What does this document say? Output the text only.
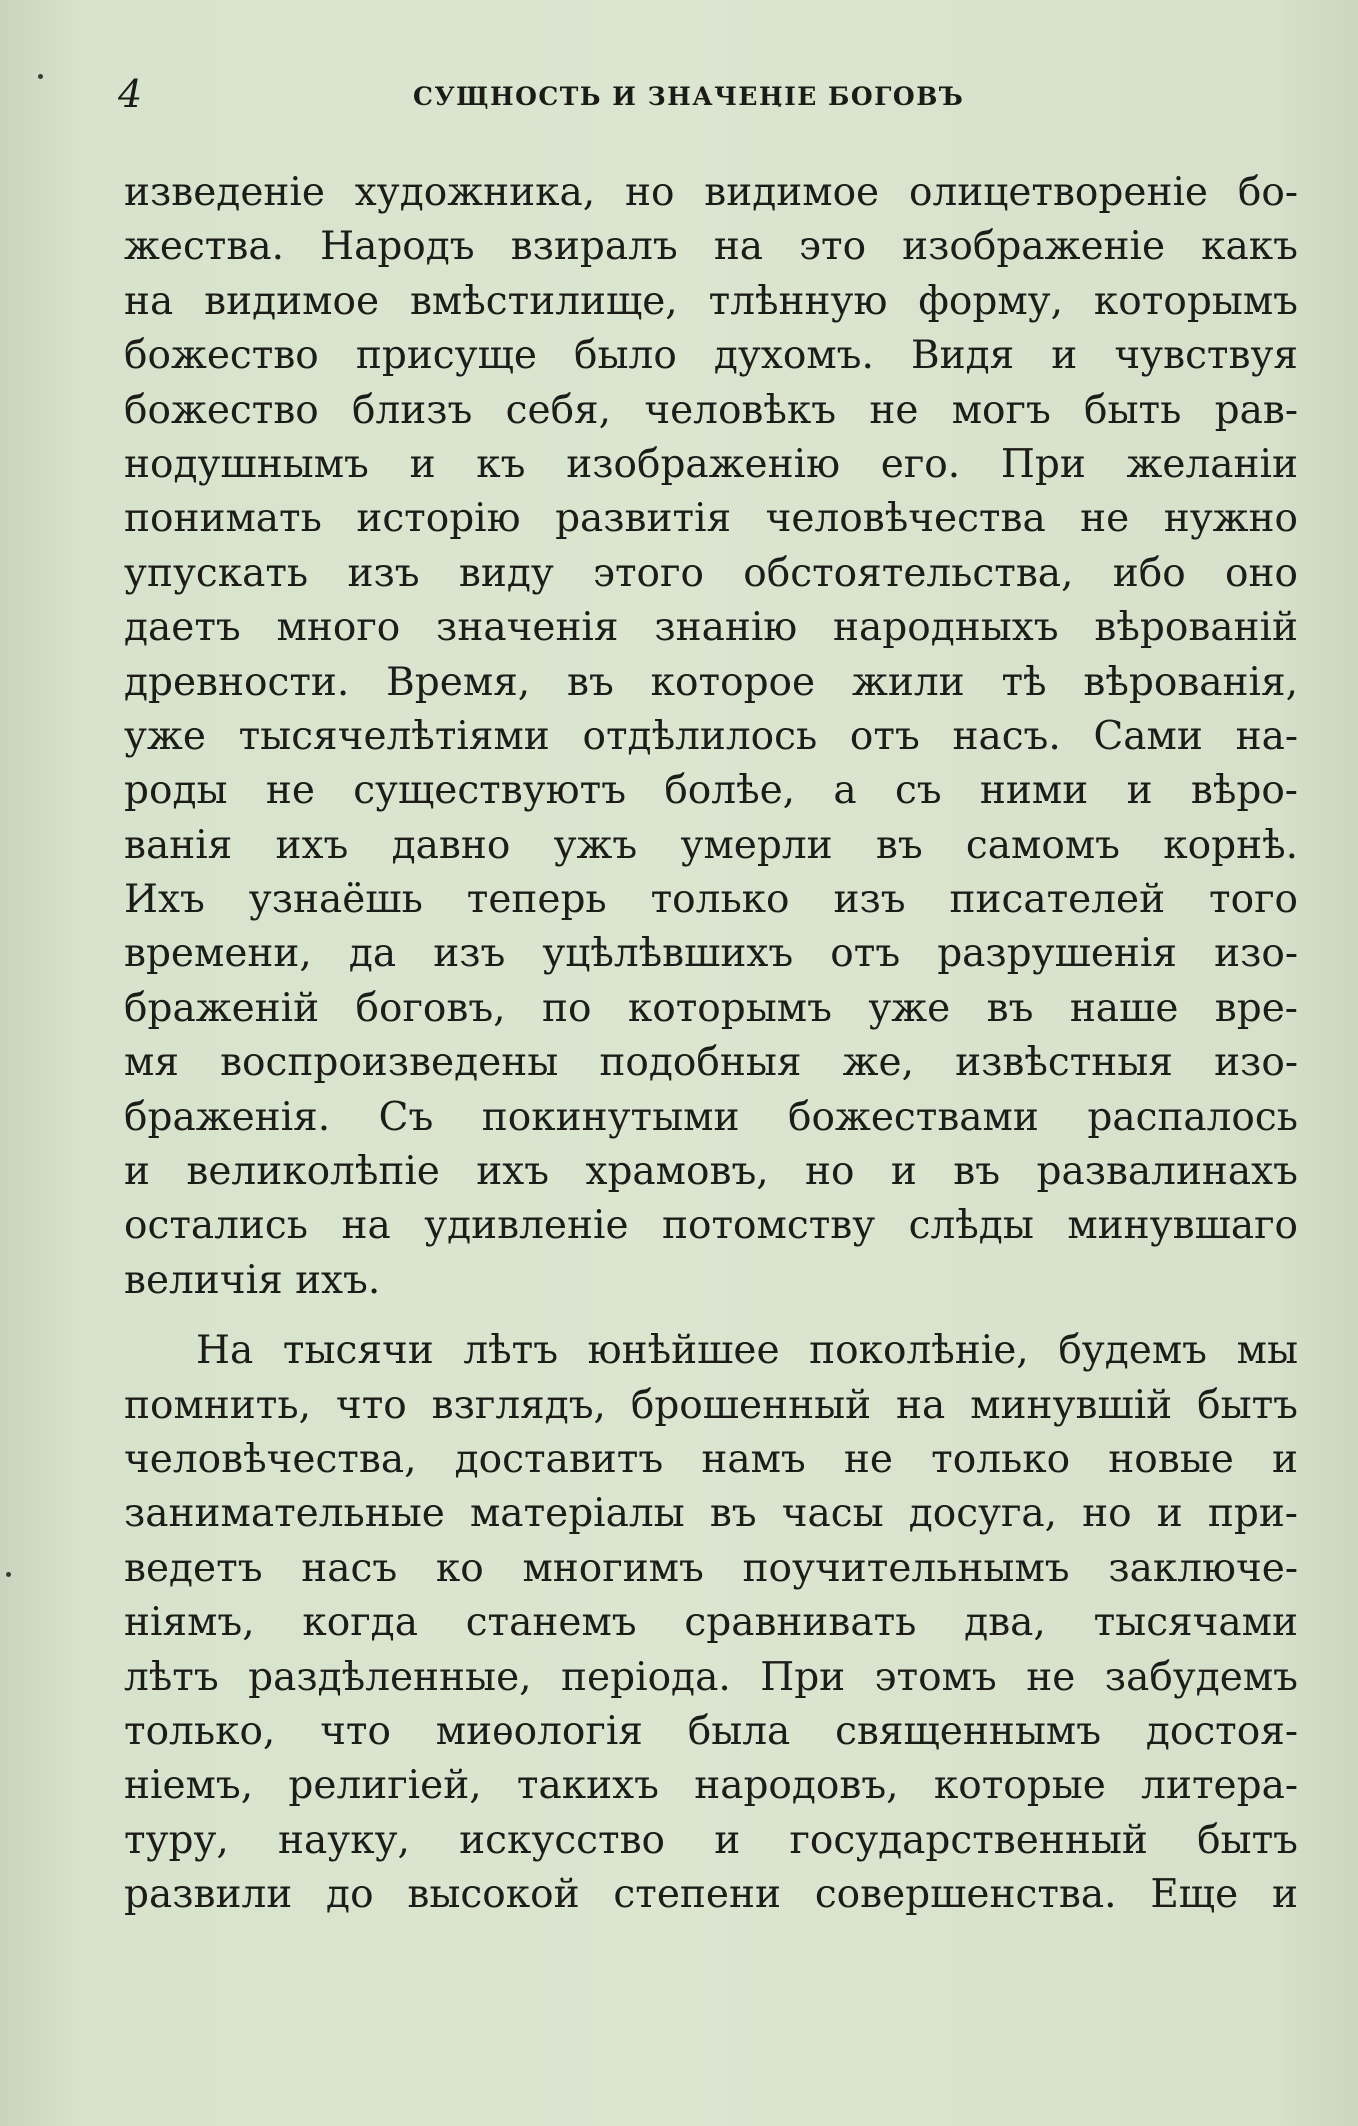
4	СУЩНОСТЬ И ЗНАЧЕНIЕ БОГОВЪ
изведенiе художника, но видимое олицетворенiе бо-
жества. Народъ взиралъ на это изображенiе какъ
на видимое вмѣстилище, тлѣнную форму, которымъ
божество присуще было духомъ. Видя и чувствуя
божество близъ себя, человѣкъ не могъ быть рав-
нодушнымъ и къ изображенiю его. При желанiи
понимать исторiю развитiя человѣчества не нужно
упускать изъ виду этого обстоятельства, ибо оно
даетъ много значенiя знанiю народныхъ вѣрованiй
древности. Время, въ которое жили тѣ вѣрованiя,
уже тысячелѣтiями отдѣлилось отъ насъ. Сами на-
роды не существуютъ болѣе, а съ ними и вѣро-
ванiя ихъ давно ужъ умерли въ самомъ корнѣ.
Ихъ узнаёшь теперь только изъ писателей того
времени, да изъ уцѣлѣвшихъ отъ разрушенiя изо-
браженiй боговъ, по которымъ уже въ наше вре-
мя воспроизведены подобныя же, извѣстныя изо-
браженiя. Съ покинутыми божествами распалось
и великолѣпiе ихъ храмовъ, но и въ развалинахъ
остались на удивленiе потомству слѣды минувшаго
величiя ихъ.
На тысячи лѣтъ юнѣйшее поколѣнiе, будемъ мы
помнить, что взглядъ, брошенный на минувшiй бытъ
человѣчества, доставитъ намъ не только новые и
занимательные матерiалы въ часы досуга, но и при-
ведетъ насъ ко многимъ поучительнымъ заключе-
нiямъ, когда станемъ сравнивать два, тысячами
лѣтъ раздѣленные, перiода. При этомъ не забудемъ
только, что миѳологiя была священнымъ достоя-
нiемъ, религiей, такихъ народовъ, которые литера-
туру, науку, искусство и государственный бытъ
развили до высокой степени совершенства. Еще и
